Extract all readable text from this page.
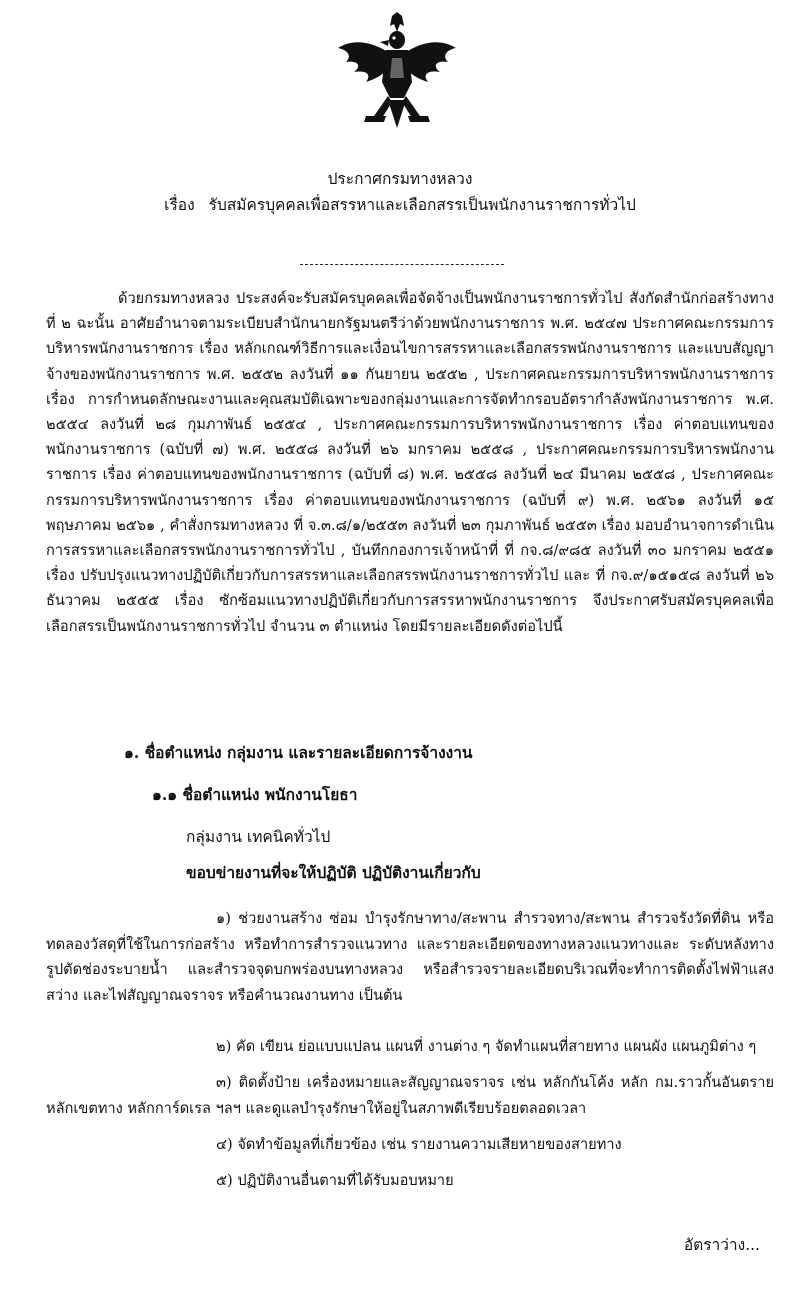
ประกาศกรมทางหลวง
เรื่อง รับสมัครบุคคลเพื่อสรรหาและเลือกสรรเป็นพนักงานราชการทั่วไป

ด้วยกรมทางหลวง ประสงค์จะรับสมัครบุคคลเพื่อจัดจ้างเป็นพนักงานราชการทั่วไป สังกัดสำนักก่อสร้างทางที่ ๒ ฉะนั้น อาศัยอำนาจตามระเบียบสำนักนายกรัฐมนตรีว่าด้วยพนักงานราชการ พ.ศ. ๒๕๔๗ ประกาศคณะกรรมการบริหารพนักงานราชการ เรื่อง หลักเกณฑ์วิธีการและเงื่อนไขการสรรหาและเลือกสรรพนักงานราชการ และแบบสัญญาจ้างของพนักงานราชการ พ.ศ. ๒๕๕๒ ลงวันที่ ๑๑ กันยายน ๒๕๕๒ , ประกาศคณะกรรมการบริหารพนักงานราชการ เรื่อง การกำหนดลักษณะงานและคุณสมบัติเฉพาะของกลุ่มงานและการจัดทำกรอบอัตรากำลังพนักงานราชการ พ.ศ. ๒๕๕๔ ลงวันที่ ๒๘ กุมภาพันธ์ ๒๕๕๔ , ประกาศคณะกรรมการบริหารพนักงานราชการ เรื่อง ค่าตอบแทนของพนักงานราชการ (ฉบับที่ ๗) พ.ศ. ๒๕๕๘ ลงวันที่ ๒๖ มกราคม ๒๕๕๘ , ประกาศคณะกรรมการบริหารพนักงานราชการ เรื่อง ค่าตอบแทนของพนักงานราชการ (ฉบับที่ ๘) พ.ศ. ๒๕๕๘ ลงวันที่ ๒๔ มีนาคม ๒๕๕๘ , ประกาศคณะกรรมการบริหารพนักงานราชการ เรื่อง ค่าตอบแทนของพนักงานราชการ (ฉบับที่ ๙) พ.ศ. ๒๕๖๑ ลงวันที่ ๑๕ พฤษภาคม ๒๕๖๑ , คำสั่งกรมทางหลวง ที่ จ.๓.๘/๑/๒๕๕๓ ลงวันที่ ๒๓ กุมภาพันธ์ ๒๕๕๓ เรื่อง มอบอำนาจการดำเนินการสรรหาและเลือกสรรพนักงานราชการทั่วไป , บันทึกกองการเจ้าหน้าที่ ที่ กจ.๘/๙๘๕ ลงวันที่ ๓๐ มกราคม ๒๕๕๑ เรื่อง ปรับปรุงแนวทางปฏิบัติเกี่ยวกับการสรรหาและเลือกสรรพนักงานราชการทั่วไป และ ที่ กจ.๙/๑๕๑๕๘ ลงวันที่ ๒๖ ธันวาคม ๒๕๕๕ เรื่อง ซักซ้อมแนวทางปฏิบัติเกี่ยวกับการสรรหาพนักงานราชการ จึงประกาศรับสมัครบุคคลเพื่อเลือกสรรเป็นพนักงานราชการทั่วไป จำนวน ๓ ตำแหน่ง โดยมีรายละเอียดดังต่อไปนี้

๑. ชื่อตำแหน่ง กลุ่มงาน และรายละเอียดการจ้างงาน
๑.๑ ชื่อตำแหน่ง พนักงานโยธา
กลุ่มงาน เทคนิคทั่วไป
ขอบข่ายงานที่จะให้ปฏิบัติ ปฏิบัติงานเกี่ยวกับ

๑) ช่วยงานสร้าง ซ่อม บำรุงรักษาทาง/สะพาน สำรวจทาง/สะพาน สำรวจรังวัดที่ดิน หรือทดลองวัสดุที่ใช้ในการก่อสร้าง หรือทำการสำรวจแนวทาง และรายละเอียดของทางหลวงแนวทางและ ระดับหลังทาง รูปตัดช่องระบายน้ำ และสำรวจจุดบกพร่องบนทางหลวง หรือสำรวจรายละเอียดบริเวณที่จะทำการติดตั้งไฟฟ้าแสงสว่าง และไฟสัญญาณจราจร หรือคำนวณงานทาง เป็นต้น

๒) คัด เขียน ย่อแบบแปลน แผนที่ งานต่าง ๆ จัดทำแผนที่สายทาง แผนผัง แผนภูมิต่าง ๆ

๓) ติดตั้งป้าย เครื่องหมายและสัญญาณจราจร เช่น หลักกันโค้ง หลัก กม.ราวกั้นอันตราย หลักเขตทาง หลักการ์ดเรล ฯลฯ และดูแลบำรุงรักษาให้อยู่ในสภาพดีเรียบร้อยตลอดเวลา

๔) จัดทำข้อมูลที่เกี่ยวข้อง เช่น รายงานความเสียหายของสายทาง

๕) ปฏิบัติงานอื่นตามที่ได้รับมอบหมาย

อัตราว่าง...
